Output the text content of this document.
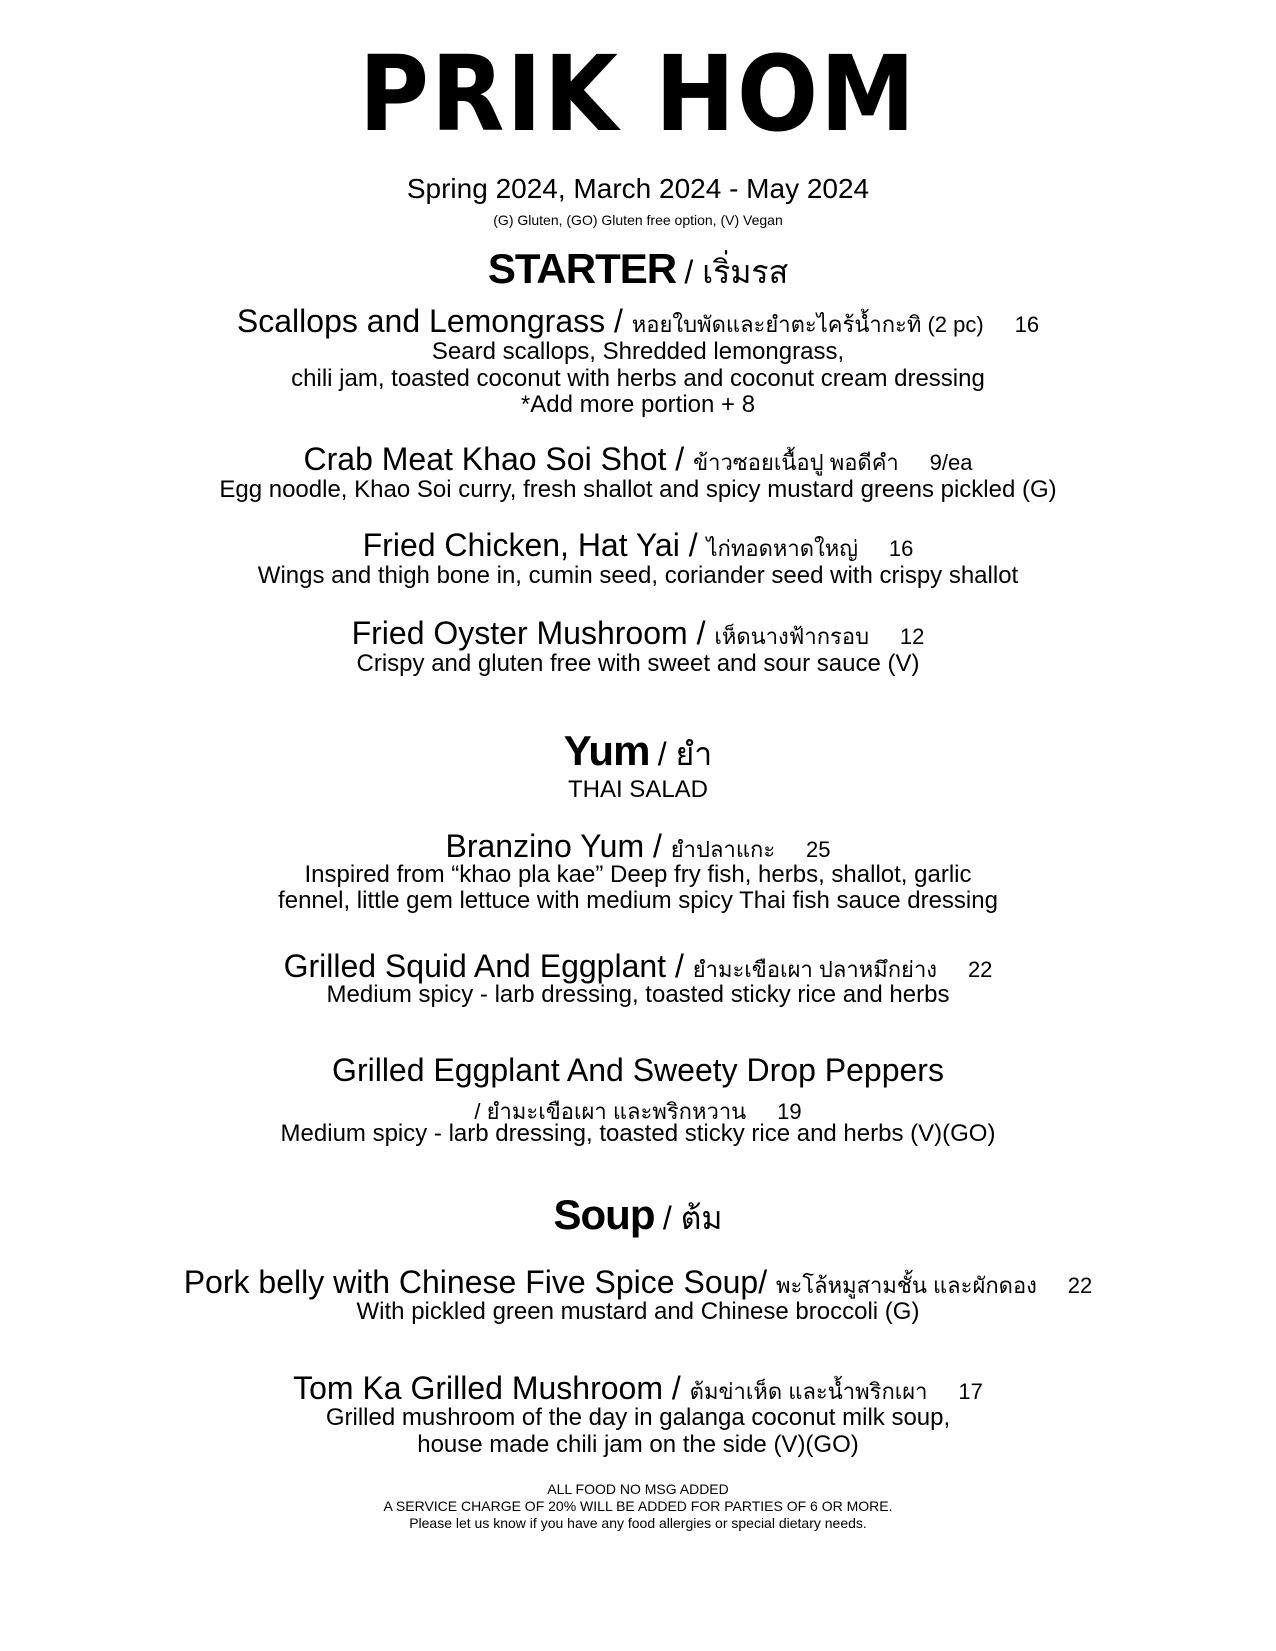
PRIK HOM
Spring 2024, March 2024 - May 2024
(G) Gluten, (GO) Gluten free option, (V) Vegan
STARTER / เริ่มรส
Scallops and Lemongrass / หอยใบพัดและยำตะไคร้น้ำกะทิ (2 pc) 16
Seard scallops, Shredded lemongrass,
chili jam, toasted coconut with herbs and coconut cream dressing
*Add more portion + 8
Crab Meat Khao Soi Shot / ข้าวซอยเนื้อปู พอดีคำ 9/ea
Egg noodle, Khao Soi curry, fresh shallot and spicy mustard greens pickled (G)
Fried Chicken, Hat Yai / ไก่ทอดหาดใหญ่ 16
Wings and thigh bone in, cumin seed, coriander seed with crispy shallot
Fried Oyster Mushroom / เห็ดนางฟ้ากรอบ 12
Crispy and gluten free with sweet and sour sauce (V)
Yum / ยำ
THAI SALAD
Branzino Yum / ยำปลาแกะ 25
Inspired from “khao pla kae” Deep fry fish, herbs, shallot, garlic
fennel, little gem lettuce with medium spicy Thai fish sauce dressing
Grilled Squid And Eggplant / ยำมะเขือเผา ปลาหมึกย่าง 22
Medium spicy - larb dressing, toasted sticky rice and herbs
Grilled Eggplant And Sweety Drop Peppers
/ ยำมะเขือเผา และพริกหวาน 19
Medium spicy - larb dressing, toasted sticky rice and herbs (V)(GO)
Soup / ต้ม
Pork belly with Chinese Five Spice Soup/ พะโล้หมูสามชั้น และผักดอง 22
With pickled green mustard and Chinese broccoli (G)
Tom Ka Grilled Mushroom / ต้มข่าเห็ด และน้ำพริกเผา 17
Grilled mushroom of the day in galanga coconut milk soup,
house made chili jam on the side (V)(GO)
ALL FOOD NO MSG ADDED
A SERVICE CHARGE OF 20% WILL BE ADDED FOR PARTIES OF 6 OR MORE.
Please let us know if you have any food allergies or special dietary needs.
